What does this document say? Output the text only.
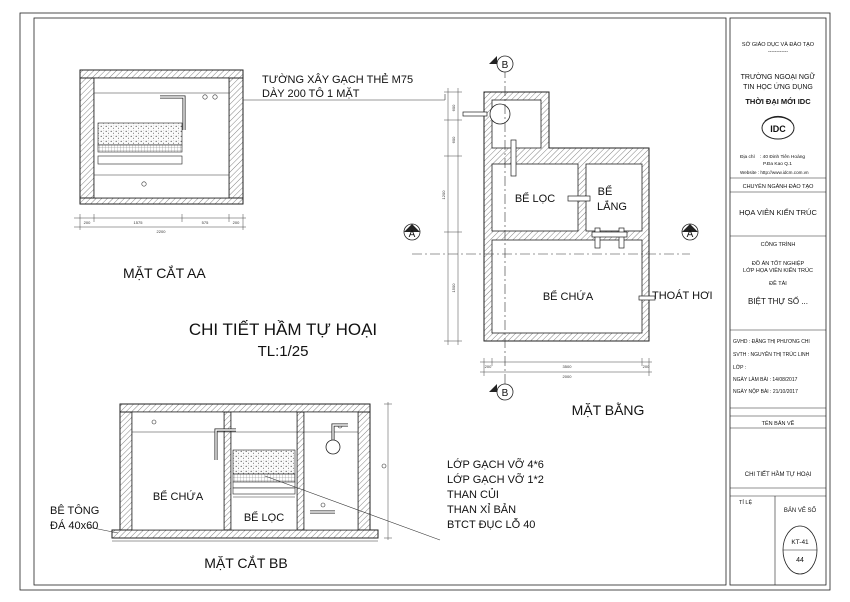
200	1575	575	200
2200
TƯỜNG XÂY GẠCH THẺ M75
DÀY 200 TÔ 1 MẶT
MẶT CẮT AA
CHI TIẾT HẦM TỰ HOẠI
TL:1/25
BỂ LỌC
BỂ
LẮNG
BỂ CHỨA	THOÁT HƠI
A	A
B
B
600
600
1200
1500
200	3500	200
2000
MẶT BẰNG
BỂ CHỨA
BỂ LỌC
BÊ TÔNG
ĐÁ 40x60
LỚP GẠCH VỠ 4*6
LỚP GẠCH VỠ 1*2
THAN CỦI
THAN XỈ BẢN
BTCT ĐỤC LỖ 40
MẶT CẮT BB
SỞ GIÁO DỤC VÀ ĐÀO TẠO
------------
TRƯỜNG NGOẠI NGỮ
TIN HỌC ỨNG DỤNG
THỜI ĐẠI MỚI IDC
IDC
Địa chỉ : 40 Đinh Tiên Hoàng
P.Đa Kao Q.1
Website : http://www.idcm.com.vn
CHUYÊN NGÀNH ĐÀO TẠO
HỌA VIÊN KIẾN TRÚC
CÔNG TRÌNH
ĐỒ ÁN TỐT NGHIỆP
LỚP HỌA VIÊN KIẾN TRÚC
ĐỀ TÀI
BIỆT THỰ SỐ ...
GVHD : ĐẶNG THỊ PHƯƠNG CHI
SVTH : NGUYỄN THỊ TRÚC LINH
LỚP :
NGÀY LÀM BÀI : 14/08/2017
NGÀY NỘP BÀI : 21/10/2017
TÊN BẢN VẼ
CHI TIẾT HẦM TỰ HOẠI
TỈ LỆ
BẢN VẼ SỐ
KT-41
44
